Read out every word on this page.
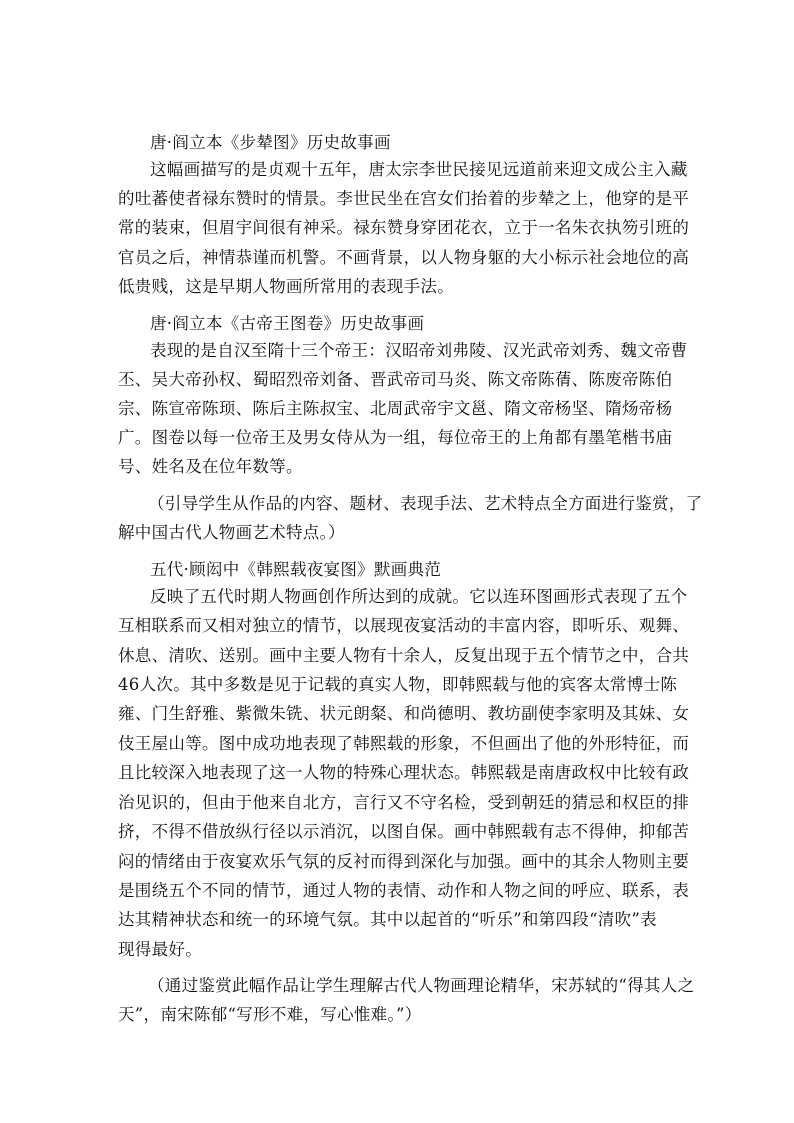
唐·阎立本《步辇图》历史故事画
这幅画描写的是贞观十五年，唐太宗李世民接见远道前来迎文成公主入藏
的吐蕃使者禄东赞时的情景。李世民坐在宫女们抬着的步辇之上，他穿的是平
常的装束，但眉宇间很有神采。禄东赞身穿团花衣，立于一名朱衣执笏引班的
官员之后，神情恭谨而机警。不画背景，以人物身躯的大小标示社会地位的高
低贵贱，这是早期人物画所常用的表现手法。
唐·阎立本《古帝王图卷》历史故事画
表现的是自汉至隋十三个帝王：汉昭帝刘弗陵、汉光武帝刘秀、魏文帝曹
丕、吴大帝孙权、蜀昭烈帝刘备、晋武帝司马炎、陈文帝陈蒨、陈废帝陈伯
宗、陈宣帝陈顼、陈后主陈叔宝、北周武帝宇文邕、隋文帝杨坚、隋炀帝杨
广。图卷以每一位帝王及男女侍从为一组，每位帝王的上角都有墨笔楷书庙
号、姓名及在位年数等。
（引导学生从作品的内容、题材、表现手法、艺术特点全方面进行鉴赏，了
解中国古代人物画艺术特点。）
五代·顾闳中《韩熙载夜宴图》默画典范
反映了五代时期人物画创作所达到的成就。它以连环图画形式表现了五个
互相联系而又相对独立的情节，以展现夜宴活动的丰富内容，即听乐、观舞、
休息、清吹、送别。画中主要人物有十余人，反复出现于五个情节之中，合共
46人次。其中多数是见于记载的真实人物，即韩熙载与他的宾客太常博士陈
雍、门生舒雅、紫微朱铣、状元朗粲、和尚德明、教坊副使李家明及其妹、女
伎王屋山等。图中成功地表现了韩熙载的形象，不但画出了他的外形特征，而
且比较深入地表现了这一人物的特殊心理状态。韩熙载是南唐政权中比较有政
治见识的，但由于他来自北方，言行又不守名检，受到朝廷的猜忌和权臣的排
挤，不得不借放纵行径以示消沉，以图自保。画中韩熙载有志不得伸，抑郁苦
闷的情绪由于夜宴欢乐气氛的反衬而得到深化与加强。画中的其余人物则主要
是围绕五个不同的情节，通过人物的表情、动作和人物之间的呼应、联系，表
达其精神状态和统一的环境气氛。其中以起首的“听乐”和第四段“清吹”表
现得最好。
（通过鉴赏此幅作品让学生理解古代人物画理论精华，宋苏轼的“得其人之
天”，南宋陈郁“写形不难，写心惟难。”）
